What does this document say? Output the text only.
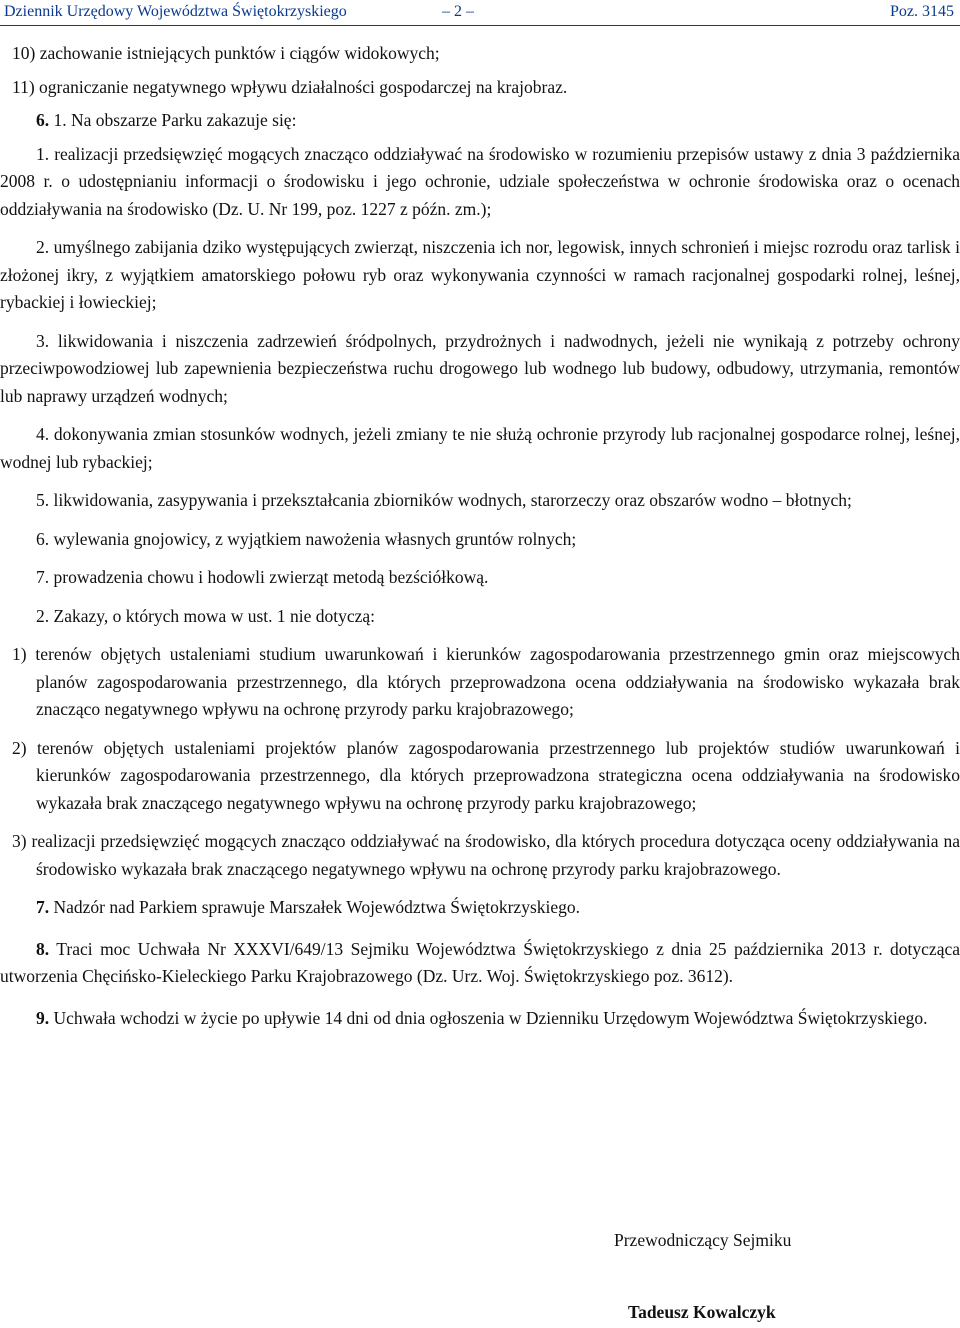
Dziennik Urzędowy Województwa Świętokrzyskiego	– 2 –	Poz. 3145

10) zachowanie istniejących punktów i ciągów widokowych;

11) ograniczanie negatywnego wpływu działalności gospodarczej na krajobraz.

6. 1. Na obszarze Parku zakazuje się:

1. realizacji przedsięwzięć mogących znacząco oddziaływać na środowisko w rozumieniu przepisów ustawy z dnia 3 października 2008 r. o udostępnianiu informacji o środowisku i jego ochronie, udziale społeczeństwa w ochronie środowiska oraz o ocenach oddziaływania na środowisko (Dz. U. Nr 199, poz. 1227 z późn. zm.);

2. umyślnego zabijania dziko występujących zwierząt, niszczenia ich nor, legowisk, innych schronień i miejsc rozrodu oraz tarlisk i złożonej ikry, z wyjątkiem amatorskiego połowu ryb oraz wykonywania czynności w ramach racjonalnej gospodarki rolnej, leśnej, rybackiej i łowieckiej;

3. likwidowania i niszczenia zadrzewień śródpolnych, przydrożnych i nadwodnych, jeżeli nie wynikają z potrzeby ochrony przeciwpowodziowej lub zapewnienia bezpieczeństwa ruchu drogowego lub wodnego lub budowy, odbudowy, utrzymania, remontów lub naprawy urządzeń wodnych;

4. dokonywania zmian stosunków wodnych, jeżeli zmiany te nie służą ochronie przyrody lub racjonalnej gospodarce rolnej, leśnej, wodnej lub rybackiej;

5. likwidowania, zasypywania i przekształcania zbiorników wodnych, starorzeczy oraz obszarów wodno – błotnych;

6. wylewania gnojowicy, z wyjątkiem nawożenia własnych gruntów rolnych;

7. prowadzenia chowu i hodowli zwierząt metodą bezściółkową.

2. Zakazy, o których mowa w ust. 1 nie dotyczą:

1) terenów objętych ustaleniami studium uwarunkowań i kierunków zagospodarowania przestrzennego gmin oraz miejscowych planów zagospodarowania przestrzennego, dla których przeprowadzona ocena oddziaływania na środowisko wykazała brak znacząco negatywnego wpływu na ochronę przyrody parku krajobrazowego;

2) terenów objętych ustaleniami projektów planów zagospodarowania przestrzennego lub projektów studiów uwarunkowań i kierunków zagospodarowania przestrzennego, dla których przeprowadzona strategiczna ocena oddziaływania na środowisko wykazała brak znaczącego negatywnego wpływu na ochronę przyrody parku krajobrazowego;

3) realizacji przedsięwzięć mogących znacząco oddziaływać na środowisko, dla których procedura dotycząca oceny oddziaływania na środowisko wykazała brak znaczącego negatywnego wpływu na ochronę przyrody parku krajobrazowego.

7. Nadzór nad Parkiem sprawuje Marszałek Województwa Świętokrzyskiego.

8. Traci moc Uchwała Nr XXXVI/649/13 Sejmiku Województwa Świętokrzyskiego z dnia 25 października 2013 r. dotycząca utworzenia Chęcińsko-Kieleckiego Parku Krajobrazowego (Dz. Urz. Woj. Świętokrzyskiego poz. 3612).

9. Uchwała wchodzi w życie po upływie 14 dni od dnia ogłoszenia w Dzienniku Urzędowym Województwa Świętokrzyskiego.

Przewodniczący Sejmiku
Tadeusz Kowalczyk
